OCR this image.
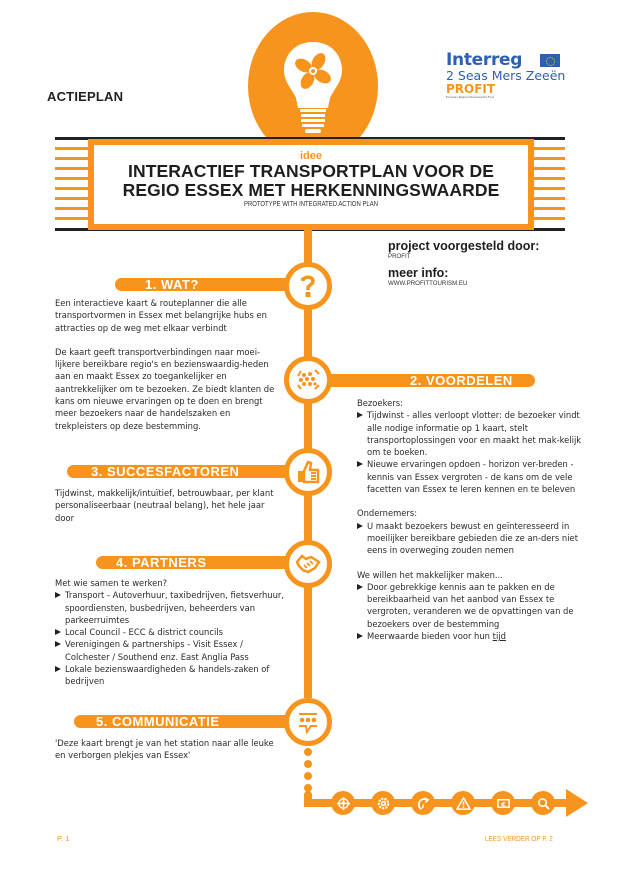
ACTIEPLAN
Interreg
2 Seas Mers Zeeën
PROFIT
European Regional Development Fund
idee
INTERACTIEF TRANSPORTPLAN VOOR DE
REGIO ESSEX MET HERKENNINGSWAARDE
PROTOTYPE WITH INTEGRATED ACTION PLAN
project voorgesteld door:
PROFIT
meer info:
WWW.PROFITTOURISM.EU
1. WAT?

Een interactieve kaart & routeplanner die alle transportvormen in Essex met belangrijke hubs en attracties op de weg met elkaar verbindt

De kaart geeft transportverbindingen naar moei-lijkere bereikbare regio's en bezienswaardig-heden aan en maakt Essex zo toegankelijker en aantrekkelijker om te bezoeken. Ze biedt klanten de kans om nieuwe ervaringen op te doen en brengt meer bezoekers naar de handelszaken en trekpleisters op deze bestemming.

2. VOORDELEN
Bezoekers:
Tijdwinst - alles verloopt vlotter: de bezoeker vindt alle nodige informatie op 1 kaart, stelt transportoplossingen voor en maakt het mak-kelijk om te boeken.
Nieuwe ervaringen opdoen - horizon ver-breden - kennis van Essex vergroten - de kans om de vele facetten van Essex te leren kennen en te beleven
Ondernemers:
U maakt bezoekers bewust en geïnteresseerd in moeilijker bereikbare gebieden die ze an-ders niet eens in overweging zouden nemen
We willen het makkelijker maken...
Door gebrekkige kennis aan te pakken en de bereikbaarheid van het aanbod van Essex te vergroten, veranderen we de opvattingen van de bezoekers over de bestemming
Meerwaarde bieden voor hun tijd
3. SUCCESFACTOREN
Tijdwinst, makkelijk/intuïtief, betrouwbaar, per klant personaliseerbaar (neutraal belang), het hele jaar door
4. PARTNERS
Met wie samen te werken?
Transport - Autoverhuur, taxibedrijven, fietsverhuur, spoordiensten, busbedrijven, beheerders van parkeerruimtes
Local Council - ECC & district councils
Verenigingen & partnerships - Visit Essex / Colchester / Southend enz. East Anglia Pass
Lokale bezienswaardigheden & handels-zaken of bedrijven
5. COMMUNICATIE
'Deze kaart brengt je van het station naar alle leuke en verborgen plekjes van Essex'
€
P. 1	LEES VERDER OP P. 2
